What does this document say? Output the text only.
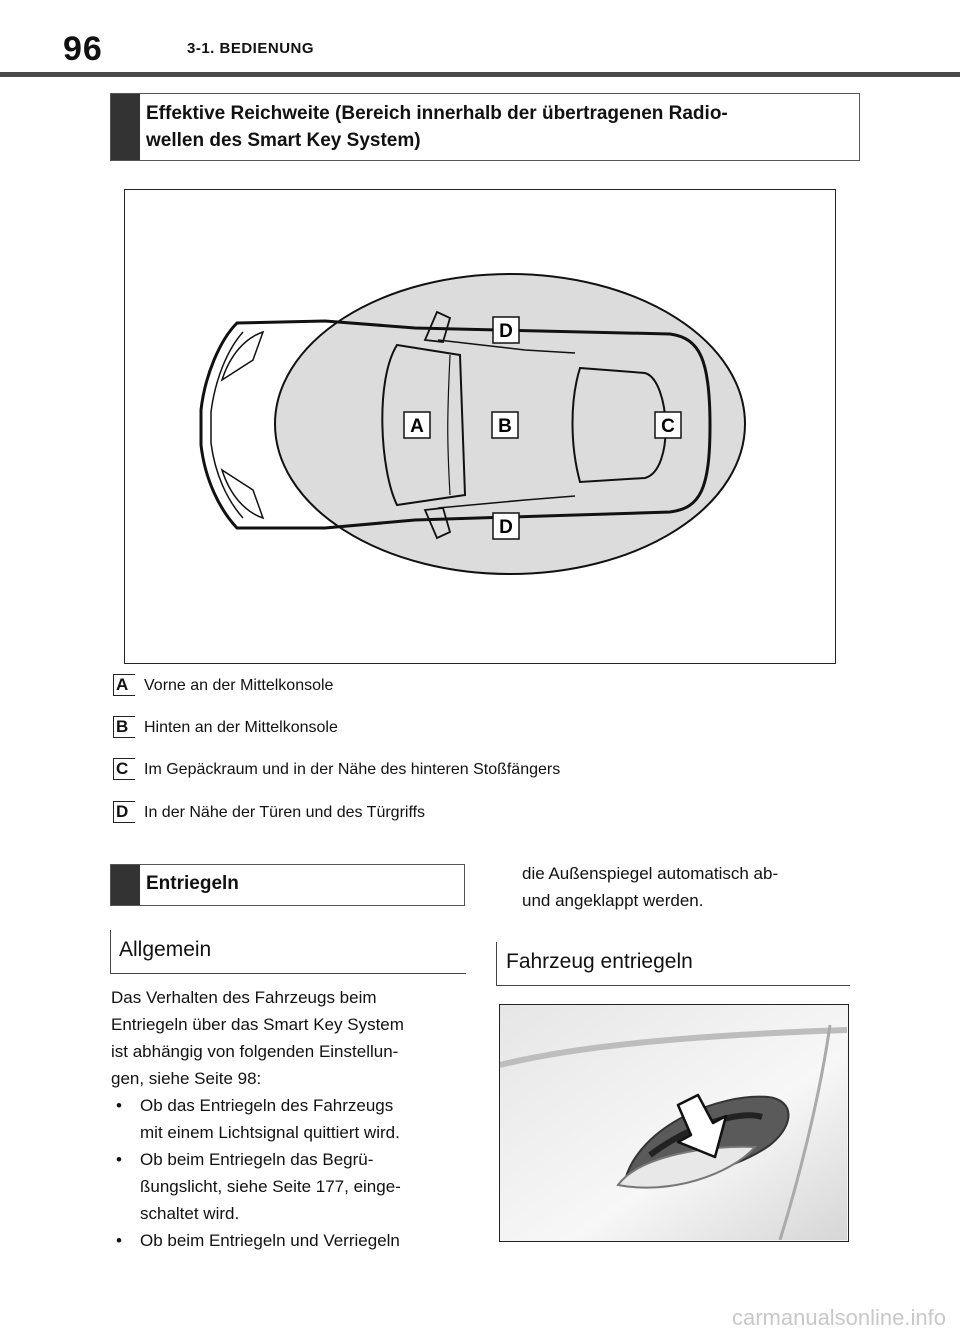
96	3-1. BEDIENUNG
Effektive Reichweite (Bereich innerhalb der übertragenen Radio-
wellen des Smart Key System)
D
A	B	C
D
A Vorne an der Mittelkonsole
B Hinten an der Mittelkonsole
C Im Gepäckraum und in der Nähe des hinteren Stoßfängers
D In der Nähe der Türen und des Türgriffs
Entriegeln
Allgemein
Das Verhalten des Fahrzeugs beim
Entriegeln über das Smart Key System
ist abhängig von folgenden Einstellun-
gen, siehe Seite 98:
• Ob das Entriegeln des Fahrzeugs
mit einem Lichtsignal quittiert wird.
• Ob beim Entriegeln das Begrü-
ßungslicht, siehe Seite 177, einge-
schaltet wird.
• Ob beim Entriegeln und Verriegeln
die Außenspiegel automatisch ab-
und angeklappt werden.
Fahrzeug entriegeln
carmanualsonline.info
